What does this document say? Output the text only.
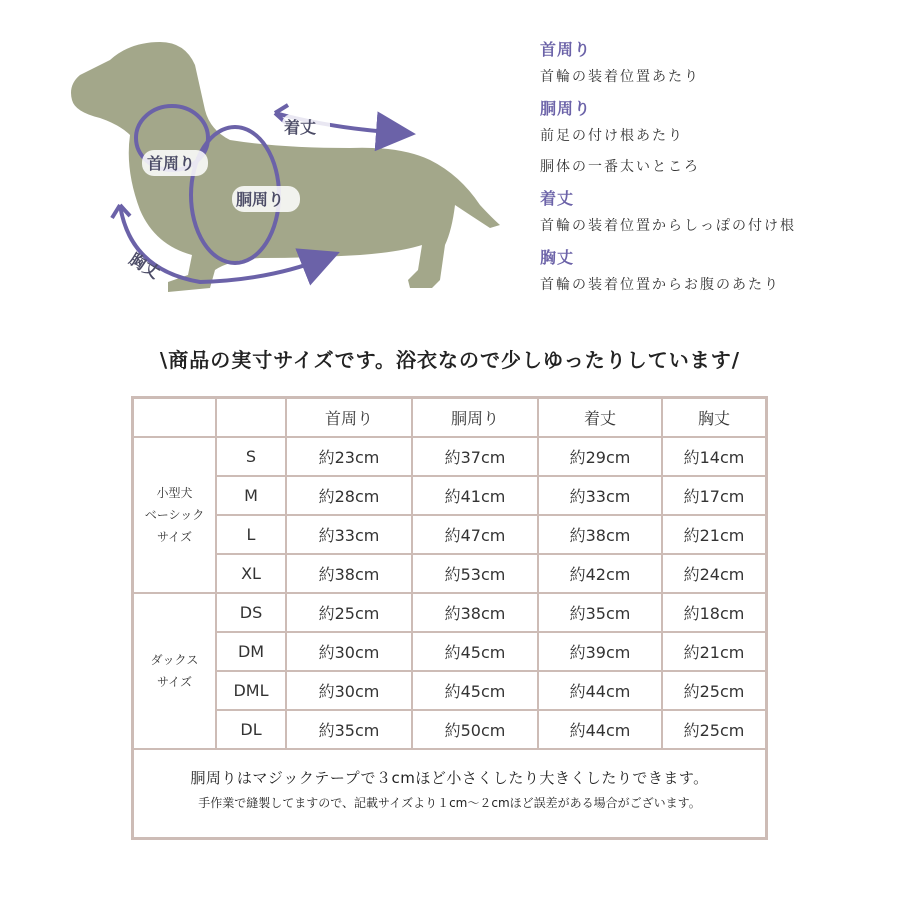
首周り
着丈
胴周り
胸丈

首周り

首輪の装着位置あたり

胴周り

前足の付け根あたり

胴体の一番太いところ

着丈

首輪の装着位置からしっぽの付け根

胸丈

首輪の装着位置からお腹のあたり

\商品の実寸サイズです。浴衣なので少しゆったりしています/
		首周り	胴周り	着丈	胸丈

小型犬
ベーシック
サイズ	S	約23cm	約37cm	約29cm	約14cm
	M	約28cm	約41cm	約33cm	約17cm
	L	約33cm	約47cm	約38cm	約21cm
	XL	約38cm	約53cm	約42cm	約24cm

ダックス
サイズ	DS	約25cm	約38cm	約35cm	約18cm
	DM	約30cm	約45cm	約39cm	約21cm
	DML	約30cm	約45cm	約44cm	約25cm
	DL	約35cm	約50cm	約44cm	約25cm

胴周りはマジックテープで３cmほど小さくしたり大きくしたりできます。

手作業で縫製してますので、記載サイズより１cm～２cmほど誤差がある場合がございます。
